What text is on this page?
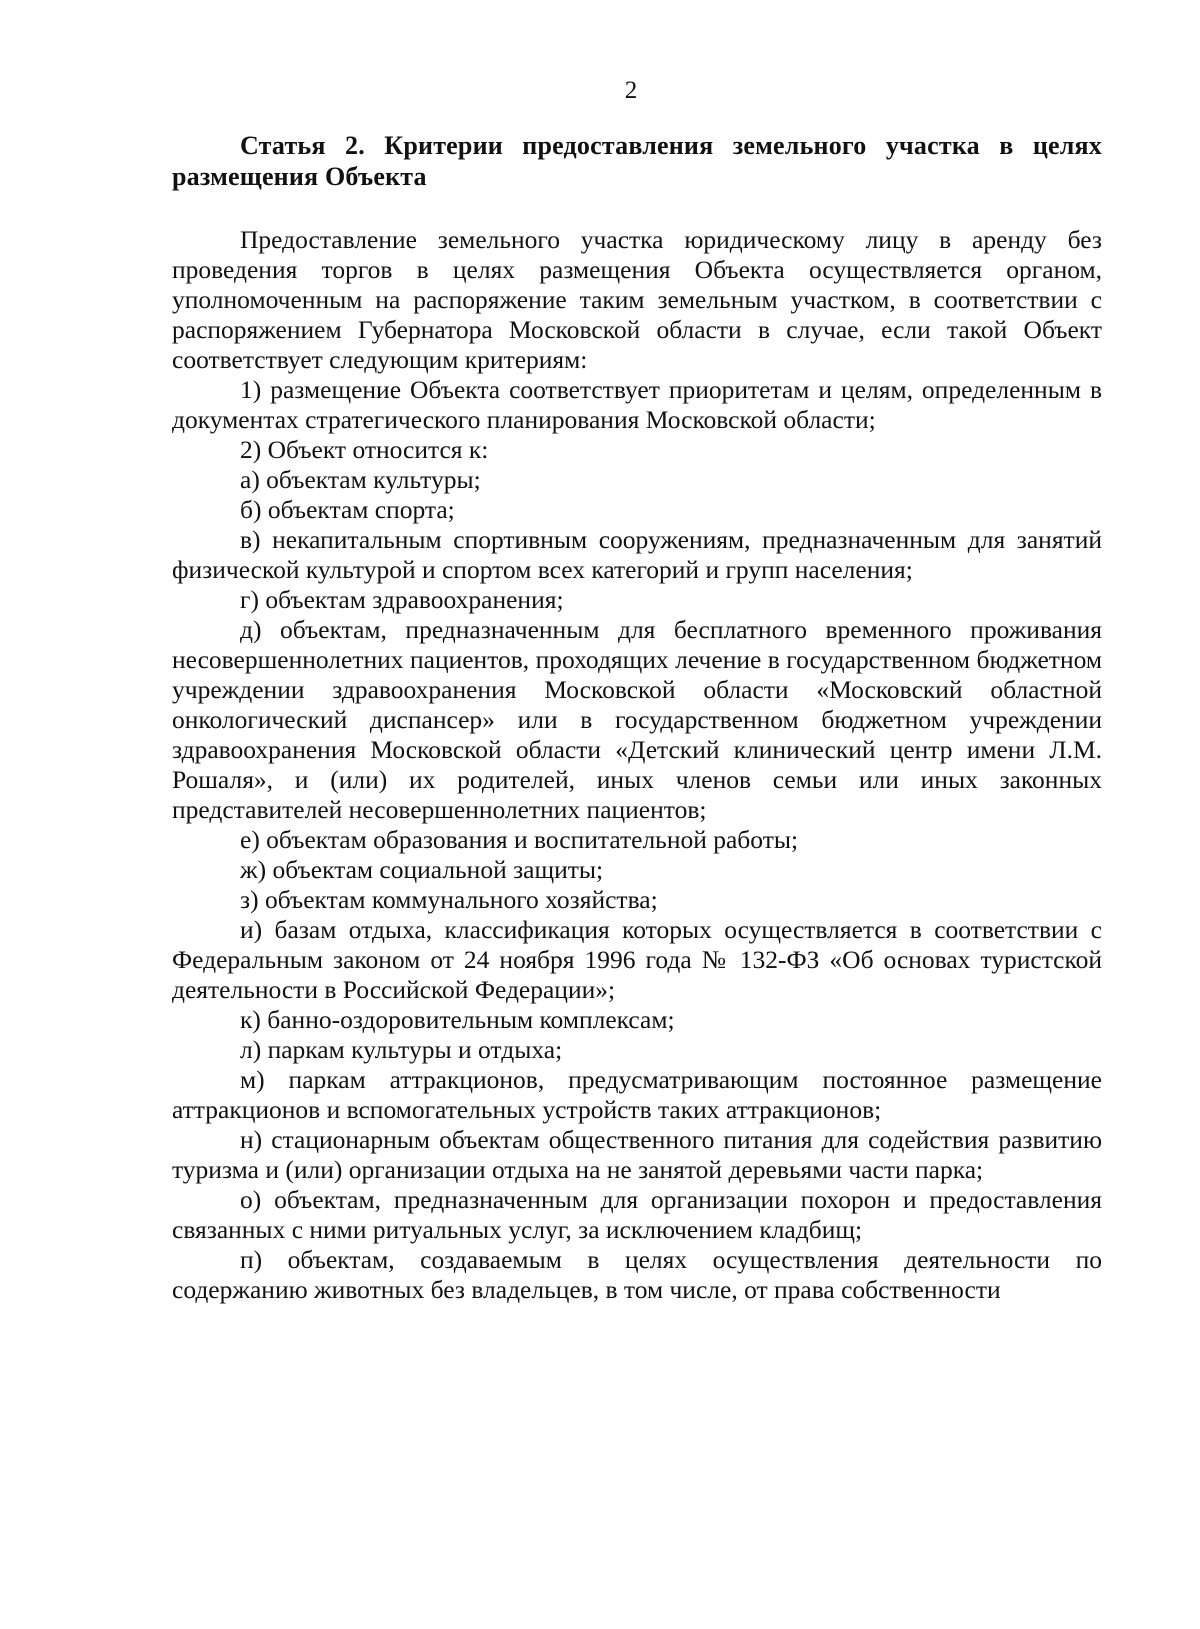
2

Статья 2. Критерии предоставления земельного участка в целях размещения Объекта

Предоставление земельного участка юридическому лицу в аренду без проведения торгов в целях размещения Объекта осуществляется органом, уполномоченным на распоряжение таким земельным участком, в соответствии с распоряжением Губернатора Московской области в случае, если такой Объект соответствует следующим критериям:

1) размещение Объекта соответствует приоритетам и целям, определенным в документах стратегического планирования Московской области;

2) Объект относится к:

а) объектам культуры;

б) объектам спорта;

в) некапитальным спортивным сооружениям, предназначенным для занятий физической культурой и спортом всех категорий и групп населения;

г) объектам здравоохранения;

д) объектам, предназначенным для бесплатного временного проживания несовершеннолетних пациентов, проходящих лечение в государственном бюджетном учреждении здравоохранения Московской области «Московский областной онкологический диспансер» или в государственном бюджетном учреждении здравоохранения Московской области «Детский клинический центр имени Л.М. Рошаля», и (или) их родителей, иных членов семьи или иных законных представителей несовершеннолетних пациентов;

е) объектам образования и воспитательной работы;

ж) объектам социальной защиты;

з) объектам коммунального хозяйства;

и) базам отдыха, классификация которых осуществляется в соответствии с Федеральным законом от 24 ноября 1996 года № 132-ФЗ «Об основах туристской деятельности в Российской Федерации»;

к) банно-оздоровительным комплексам;

л) паркам культуры и отдыха;

м) паркам аттракционов, предусматривающим постоянное размещение аттракционов и вспомогательных устройств таких аттракционов;

н) стационарным объектам общественного питания для содействия развитию туризма и (или) организации отдыха на не занятой деревьями части парка;

о) объектам, предназначенным для организации похорон и предоставления связанных с ними ритуальных услуг, за исключением кладбищ;

п) объектам, создаваемым в целях осуществления деятельности по содержанию животных без владельцев, в том числе, от права собственности
